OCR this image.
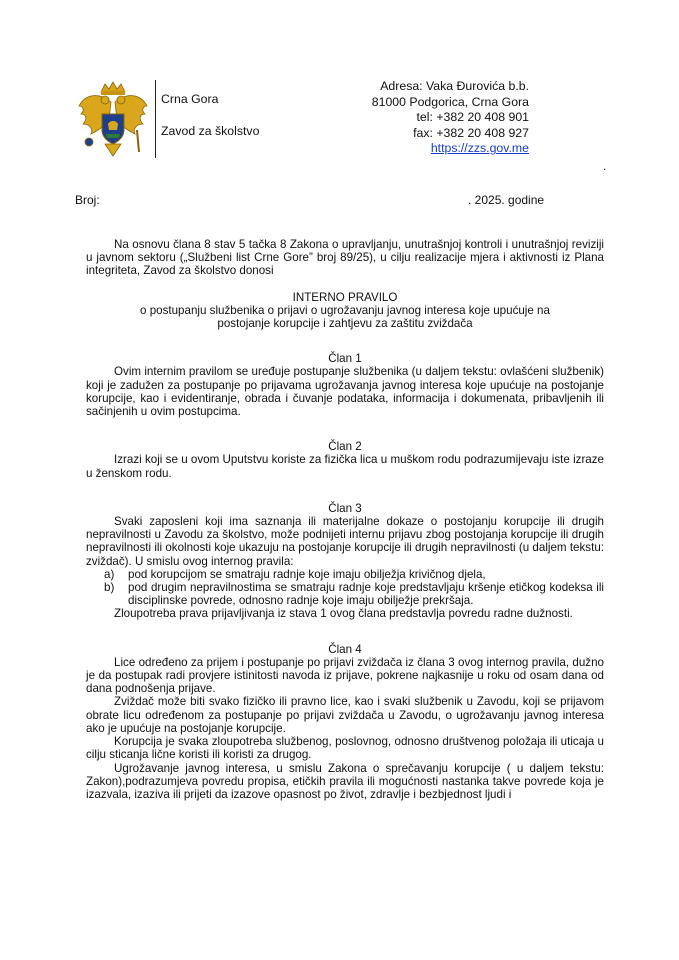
Crna Gora
Zavod za školstvo
Adresa: Vaka Đurovića b.b.
81000 Podgorica, Crna Gora
tel: +382 20 408 901
fax: +382 20 408 927
https://zzs.gov.me
.
Broj:	. 2025. godine

Na osnovu člana 8 stav 5 tačka 8 Zakona o upravljanju, unutrašnjoj kontroli i unutrašnjoj reviziji u javnom sektoru („Službeni list Crne Gore” broj 89/25), u cilju realizacije mjera i aktivnosti iz Plana integriteta, Zavod za školstvo donosi

INTERNO PRAVILO

o postupanju službenika o prijavi o ugrožavanju javnog interesa koje upućuje na postojanje korupcije i zahtjevu za zaštitu zviždača

Član 1

Ovim internim pravilom se uređuje postupanje službenika (u daljem tekstu: ovlašćeni službenik) koji je zadužen za postupanje po prijavama ugrožavanja javnog interesa koje upućuje na postojanje korupcije, kao i evidentiranje, obrada i čuvanje podataka, informacija i dokumenata, pribavljenih ili sačinjenih u ovim postupcima.

Član 2

Izrazi koji se u ovom Uputstvu koriste za fizička lica u muškom rodu podrazumijevaju iste izraze u ženskom rodu.

Član 3

Svaki zaposleni koji ima saznanja ili materijalne dokaze o postojanju korupcije ili drugih nepravilnosti u Zavodu za školstvo, može podnijeti internu prijavu zbog postojanja korupcije ili drugih nepravilnosti ili okolnosti koje ukazuju na postojanje korupcije ili drugih nepravilnosti (u daljem tekstu: zviždač). U smislu ovog internog pravila:

a)	pod korupcijom se smatraju radnje koje imaju obilježja krivičnog djela,
b)	pod drugim nepravilnostima se smatraju radnje koje predstavljaju kršenje etičkog kodeksa ili disciplinske povrede, odnosno radnje koje imaju obilježje prekršaja.

Zloupotreba prava prijavljivanja iz stava 1 ovog člana predstavlja povredu radne dužnosti.

Član 4

Lice određeno za prijem i postupanje po prijavi zviždača iz člana 3 ovog internog pravila, dužno je da postupak radi provjere istinitosti navoda iz prijave, pokrene najkasnije u roku od osam dana od dana podnošenja prijave.

Zviždač može biti svako fizičko ili pravno lice, kao i svaki službenik u Zavodu, koji se prijavom obrate licu određenom za postupanje po prijavi zviždača u Zavodu, o ugrožavanju javnog interesa ako je upućuje na postojanje korupcije.

Korupcija je svaka zloupotreba službenog, poslovnog, odnosno društvenog položaja ili uticaja u cilju sticanja lične koristi ili koristi za drugog.

Ugrožavanje javnog interesa, u smislu Zakona o sprečavanju korupcije ( u daljem tekstu: Zakon),podrazumjeva povredu propisa, etičkih pravila ili mogućnosti nastanka takve povrede koja je izazvala, izaziva ili prijeti da izazove opasnost po život, zdravlje i bezbjednost ljudi i
